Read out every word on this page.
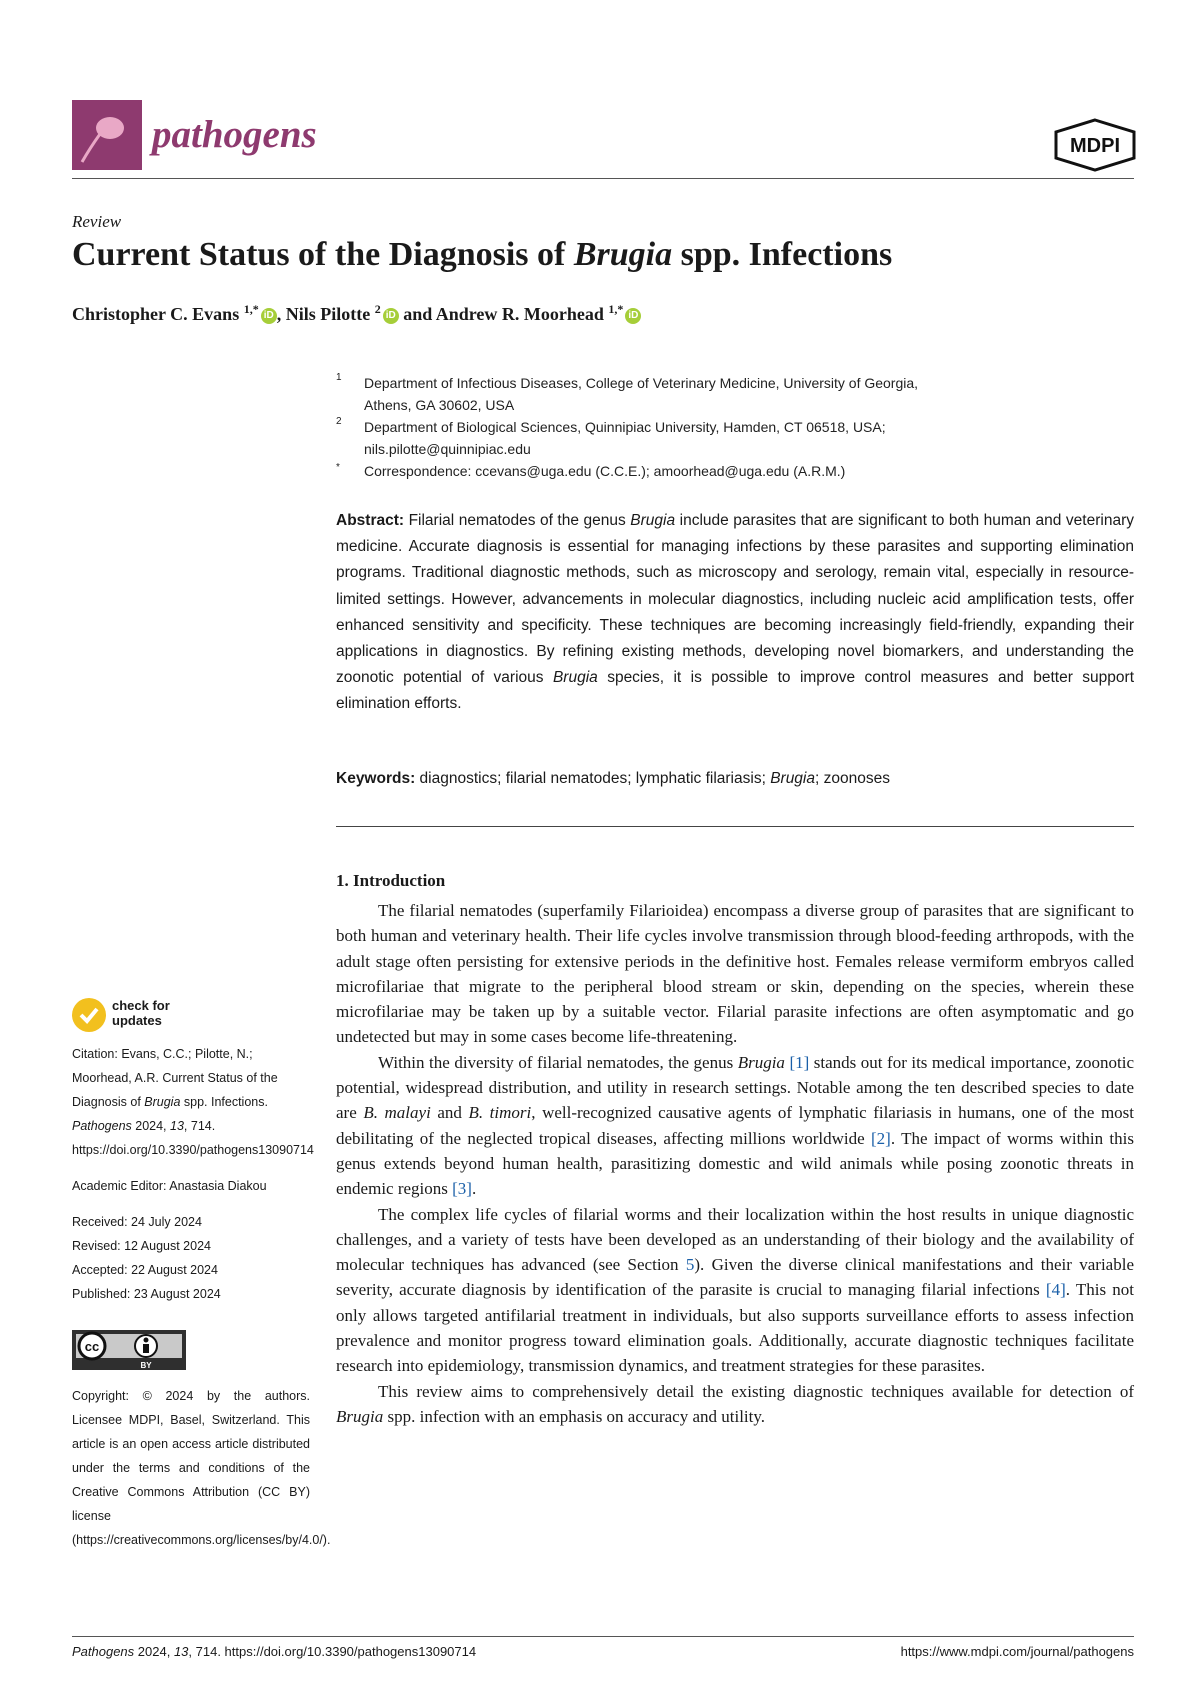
pathogens	MDPI
Review
Current Status of the Diagnosis of Brugia spp. Infections
Christopher C. Evans $^{1,*}$ iD , Nils Pilotte $^2$ iD and Andrew R. Moorhead $^{1,*}$ iD
1 Department of Infectious Diseases, College of Veterinary Medicine, University of Georgia,
Athens, GA 30602, USA
2 Department of Biological Sciences, Quinnipiac University, Hamden, CT 06518, USA;
nils.pilotte@quinnipiac.edu
* Correspondence: ccevans@uga.edu (C.C.E.); amoorhead@uga.edu (A.R.M.)
Abstract: Filarial nematodes of the genus Brugia include parasites that are significant to both human and veterinary medicine. Accurate diagnosis is essential for managing infections by these parasites and supporting elimination programs. Traditional diagnostic methods, such as microscopy and serology, remain vital, especially in resource-limited settings. However, advancements in molecular diagnostics, including nucleic acid amplification tests, offer enhanced sensitivity and specificity. These techniques are becoming increasingly field-friendly, expanding their applications in diagnostics. By refining existing methods, developing novel biomarkers, and understanding the zoonotic potential of various Brugia species, it is possible to improve control measures and better support elimination efforts.
Keywords: diagnostics; filarial nematodes; lymphatic filariasis; Brugia; zoonoses
1. Introduction

The filarial nematodes (superfamily Filarioidea) encompass a diverse group of parasites that are significant to both human and veterinary health. Their life cycles involve transmission through blood-feeding arthropods, with the adult stage often persisting for extensive periods in the definitive host. Females release vermiform embryos called microfilariae that migrate to the peripheral blood stream or skin, depending on the species, wherein these microfilariae may be taken up by a suitable vector. Filarial parasite infections are often asymptomatic and go undetected but may in some cases become life-threatening.

Within the diversity of filarial nematodes, the genus Brugia [1] stands out for its medical importance, zoonotic potential, widespread distribution, and utility in research settings. Notable among the ten described species to date are B. malayi and B. timori, well-recognized causative agents of lymphatic filariasis in humans, one of the most debilitating of the neglected tropical diseases, affecting millions worldwide [2]. The impact of worms within this genus extends beyond human health, parasitizing domestic and wild animals while posing zoonotic threats in endemic regions [3].

The complex life cycles of filarial worms and their localization within the host results in unique diagnostic challenges, and a variety of tests have been developed as an understanding of their biology and the availability of molecular techniques has advanced (see Section 5). Given the diverse clinical manifestations and their variable severity, accurate diagnosis by identification of the parasite is crucial to managing filarial infections [4]. This not only allows targeted antifilarial treatment in individuals, but also supports surveillance efforts to assess infection prevalence and monitor progress toward elimination goals. Additionally, accurate diagnostic techniques facilitate research into epidemiology, transmission dynamics, and treatment strategies for these parasites.

This review aims to comprehensively detail the existing diagnostic techniques available for detection of Brugia spp. infection with an emphasis on accuracy and utility.

check for
updates
Citation: Evans, C.C.; Pilotte, N.; Moorhead, A.R. Current Status of the Diagnosis of Brugia spp. Infections. Pathogens 2024, 13, 714. https://doi.org/10.3390/pathogens13090714
Academic Editor: Anastasia Diakou
Received: 24 July 2024
Revised: 12 August 2024
Accepted: 22 August 2024
Published: 23 August 2024
cc
BY
Copyright: © 2024 by the authors. Licensee MDPI, Basel, Switzerland. This article is an open access article distributed under the terms and conditions of the Creative Commons Attribution (CC BY) license (https://creativecommons.org/licenses/by/4.0/).
Pathogens 2024, 13, 714. https://doi.org/10.3390/pathogens13090714	https://www.mdpi.com/journal/pathogens
